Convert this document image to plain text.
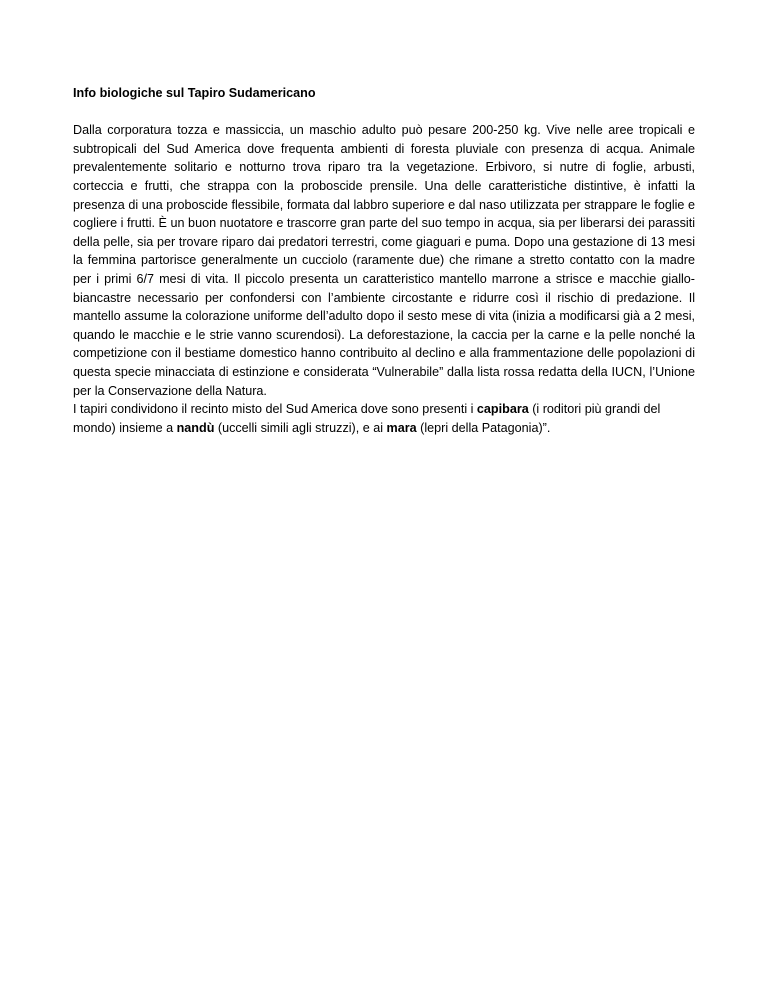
Info biologiche sul Tapiro Sudamericano

Dalla corporatura tozza e massiccia, un maschio adulto può pesare 200-250 kg. Vive nelle aree tropicali e subtropicali del Sud America dove frequenta ambienti di foresta pluviale con presenza di acqua. Animale prevalentemente solitario e notturno trova riparo tra la vegetazione. Erbivoro, si nutre di foglie, arbusti, corteccia e frutti, che strappa con la proboscide prensile. Una delle caratteristiche distintive, è infatti la presenza di una proboscide flessibile, formata dal labbro superiore e dal naso utilizzata per strappare le foglie e cogliere i frutti. È un buon nuotatore e trascorre gran parte del suo tempo in acqua, sia per liberarsi dei parassiti della pelle, sia per trovare riparo dai predatori terrestri, come giaguari e puma. Dopo una gestazione di 13 mesi la femmina partorisce generalmente un cucciolo (raramente due) che rimane a stretto contatto con la madre per i primi 6/7 mesi di vita. Il piccolo presenta un caratteristico mantello marrone a strisce e macchie giallo-biancastre necessario per confondersi con l’ambiente circostante e ridurre così il rischio di predazione. Il mantello assume la colorazione uniforme dell’adulto dopo il sesto mese di vita (inizia a modificarsi già a 2 mesi, quando le macchie e le strie vanno scurendosi). La deforestazione, la caccia per la carne e la pelle nonché la competizione con il bestiame domestico hanno contribuito al declino e alla frammentazione delle popolazioni di questa specie minacciata di estinzione e considerata “Vulnerabile” dalla lista rossa redatta della IUCN, l’Unione per la Conservazione della Natura.

I tapiri condividono il recinto misto del Sud America dove sono presenti i capibara (i roditori più grandi del mondo) insieme a nandù (uccelli simili agli struzzi), e ai mara (lepri della Patagonia)”.
